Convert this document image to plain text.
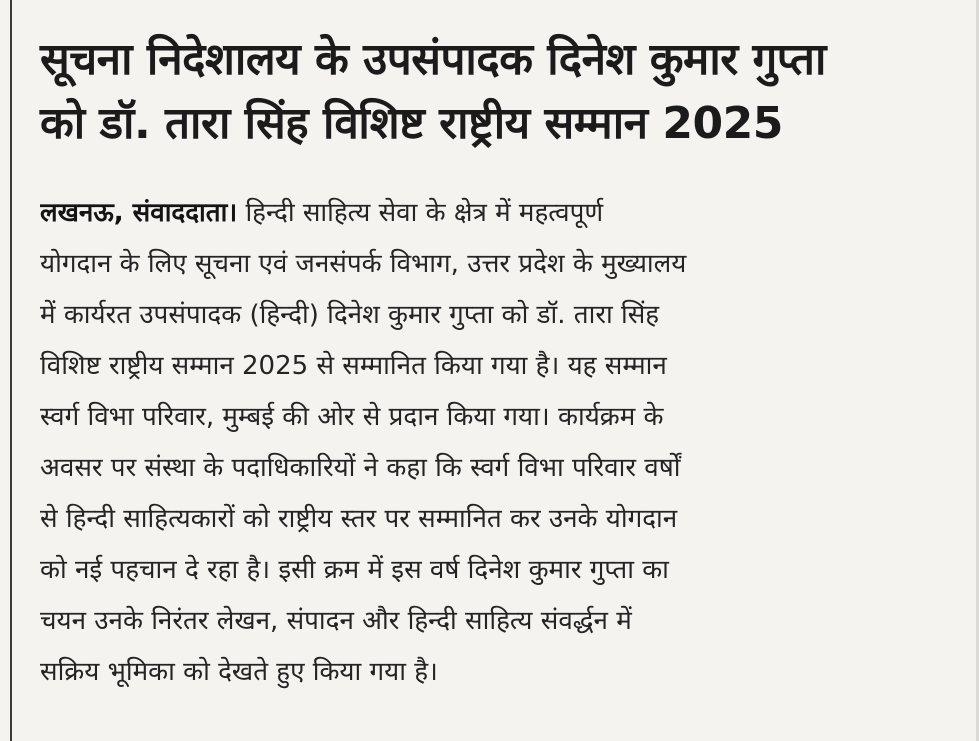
सूचना निदेशालय के उपसंपादक दिनेश कुमार गुप्ता
को डॉ. तारा सिंह विशिष्ट राष्ट्रीय सम्मान 2025
लखनऊ, संवाददाता। हिन्दी साहित्य सेवा के क्षेत्र में महत्वपूर्ण
योगदान के लिए सूचना एवं जनसंपर्क विभाग, उत्तर प्रदेश के मुख्यालय
में कार्यरत उपसंपादक (हिन्दी) दिनेश कुमार गुप्ता को डॉ. तारा सिंह
विशिष्ट राष्ट्रीय सम्मान 2025 से सम्मानित किया गया है। यह सम्मान
स्वर्ग विभा परिवार, मुम्बई की ओर से प्रदान किया गया। कार्यक्रम के
अवसर पर संस्था के पदाधिकारियों ने कहा कि स्वर्ग विभा परिवार वर्षों
से हिन्दी साहित्यकारों को राष्ट्रीय स्तर पर सम्मानित कर उनके योगदान
को नई पहचान दे रहा है। इसी क्रम में इस वर्ष दिनेश कुमार गुप्ता का
चयन उनके निरंतर लेखन, संपादन और हिन्दी साहित्य संवर्द्धन में
सक्रिय भूमिका को देखते हुए किया गया है।
